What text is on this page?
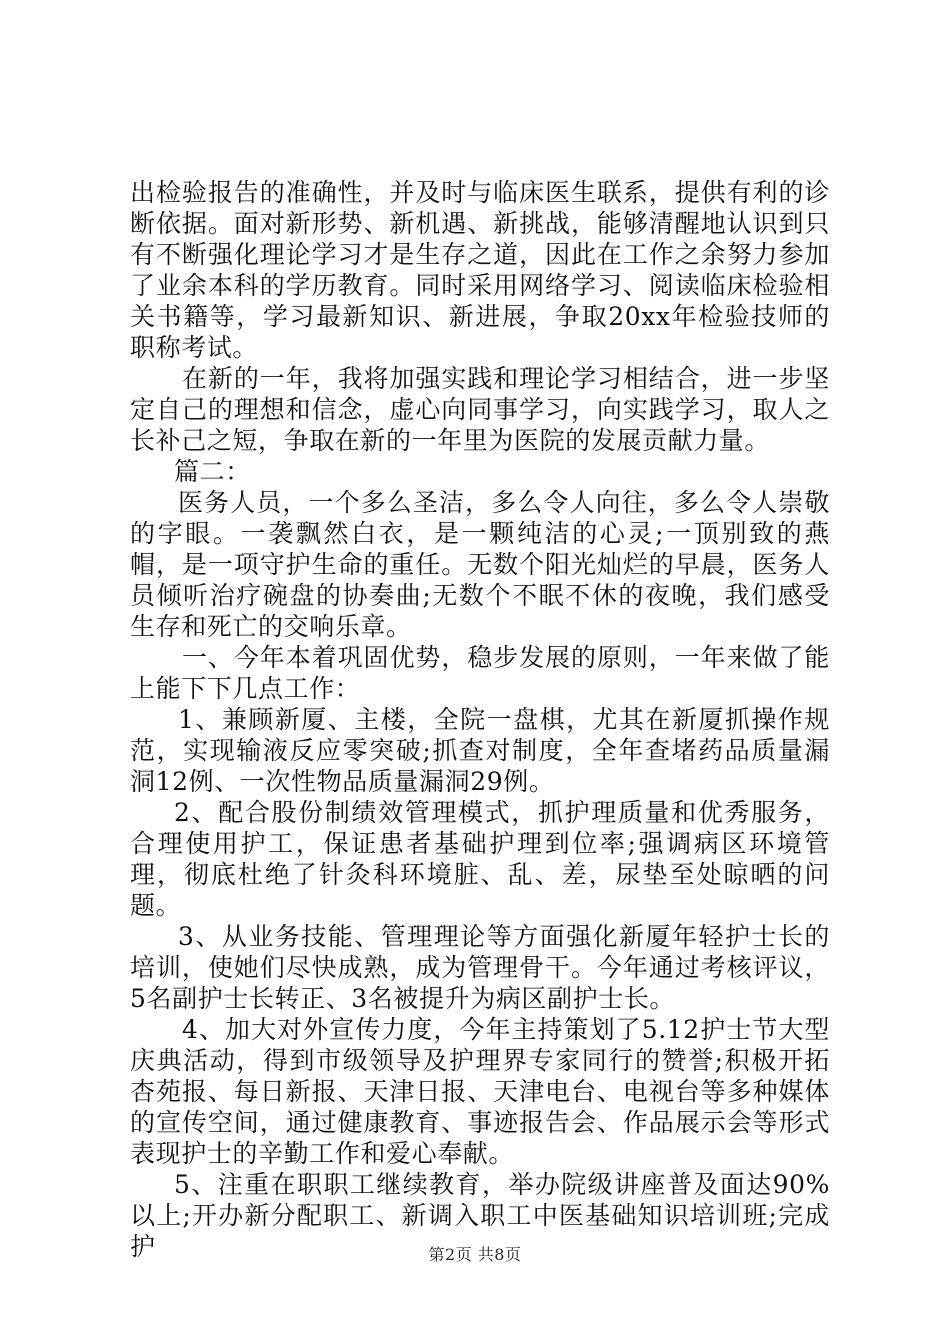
出检验报告的准确性，并及时与临床医生联系，提供有利的诊断依据。面对新形势、新机遇、新挑战，能够清醒地认识到只有不断强化理论学习才是生存之道，因此在工作之余努力参加了业余本科的学历教育。同时采用网络学习、阅读临床检验相关书籍等，学习最新知识、新进展，争取20xx年检验技师的职称考试。

在新的一年，我将加强实践和理论学习相结合，进一步坚定自己的理想和信念，虚心向同事学习，向实践学习，取人之长补己之短，争取在新的一年里为医院的发展贡献力量。

篇二：

医务人员，一个多么圣洁，多么令人向往，多么令人崇敬的字眼。一袭飘然白衣，是一颗纯洁的心灵;一顶别致的燕帽，是一项守护生命的重任。无数个阳光灿烂的早晨，医务人员倾听治疗碗盘的协奏曲;无数个不眠不休的夜晚，我们感受生存和死亡的交响乐章。

一、今年本着巩固优势，稳步发展的原则，一年来做了能上能下下几点工作：

1、兼顾新厦、主楼，全院一盘棋，尤其在新厦抓操作规范，实现输液反应零突破;抓查对制度，全年查堵药品质量漏洞12例、一次性物品质量漏洞29例。

2、配合股份制绩效管理模式，抓护理质量和优秀服务，合理使用护工，保证患者基础护理到位率;强调病区环境管理，彻底杜绝了针灸科环境脏、乱、差，尿垫至处晾晒的问题。

3、从业务技能、管理理论等方面强化新厦年轻护士长的培训，使她们尽快成熟，成为管理骨干。今年通过考核评议，5名副护士长转正、3名被提升为病区副护士长。

4、加大对外宣传力度，今年主持策划了5.12护士节大型庆典活动，得到市级领导及护理界专家同行的赞誉;积极开拓杏苑报、每日新报、天津日报、天津电台、电视台等多种媒体的宣传空间，通过健康教育、事迹报告会、作品展示会等形式表现护士的辛勤工作和爱心奉献。

5、注重在职职工继续教育，举办院级讲座普及面达90%以上;开办新分配职工、新调入职工中医基础知识培训班;完成护	第2页 共8页
